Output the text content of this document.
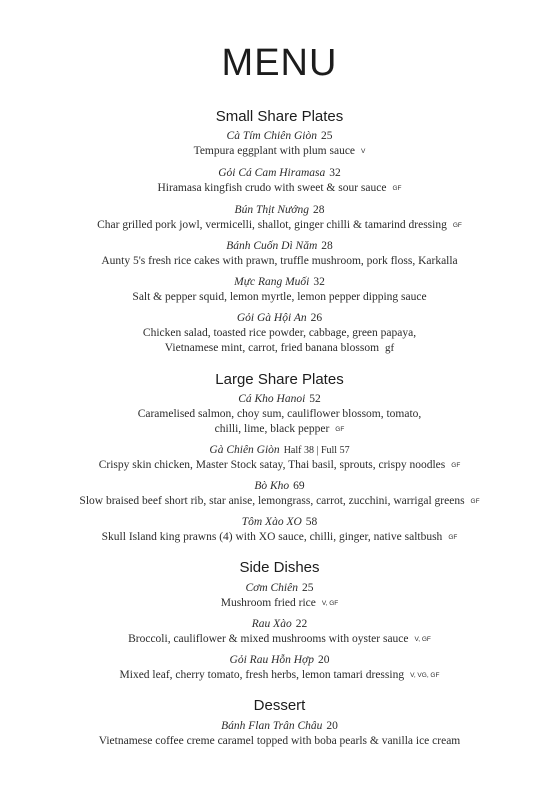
MENU
Small Share Plates
Cà Tím Chiên Giòn 25
Tempura eggplant with plum sauce V
Gỏi Cá Cam Hiramasa 32
Hiramasa kingfish crudo with sweet & sour sauce GF
Bún Thịt Nướng 28
Char grilled pork jowl, vermicelli, shallot, ginger chilli & tamarind dressing GF
Bánh Cuốn Dì Năm 28
Aunty 5's fresh rice cakes with prawn, truffle mushroom, pork floss, Karkalla
Mực Rang Muối 32
Salt & pepper squid, lemon myrtle, lemon pepper dipping sauce
Gỏi Gà Hội An 26
Chicken salad, toasted rice powder, cabbage, green papaya,
Vietnamese mint, carrot, fried banana blossom gf
Large Share Plates
Cá Kho Hanoi 52
Caramelised salmon, choy sum, cauliflower blossom, tomato,
chilli, lime, black pepper GF
Gà Chiên Giòn Half 38 | Full 57
Crispy skin chicken, Master Stock satay, Thai basil, sprouts, crispy noodles GF
Bò Kho 69
Slow braised beef short rib, star anise, lemongrass, carrot, zucchini, warrigal greens GF
Tôm Xào XO 58
Skull Island king prawns (4) with XO sauce, chilli, ginger, native saltbush GF
Side Dishes
Cơm Chiên 25
Mushroom fried rice V, GF
Rau Xào 22
Broccoli, cauliflower & mixed mushrooms with oyster sauce V, GF
Gỏi Rau Hỗn Hợp 20
Mixed leaf, cherry tomato, fresh herbs, lemon tamari dressing V, VG, GF
Dessert
Bánh Flan Trân Châu 20
Vietnamese coffee creme caramel topped with boba pearls & vanilla ice cream
